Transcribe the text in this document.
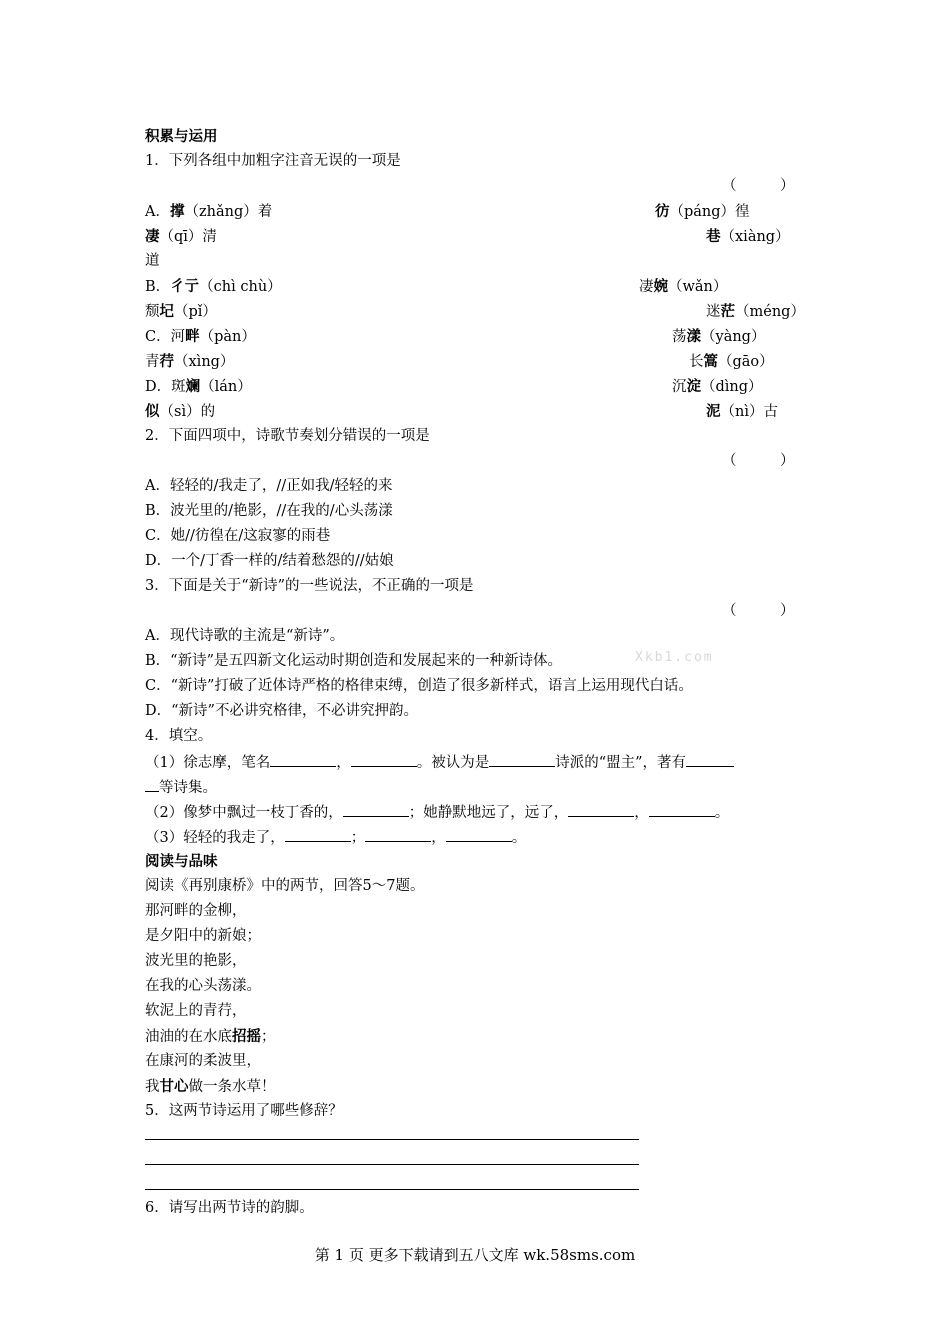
积累与运用
1．下列各组中加粗字注音无误的一项是
（　　　）
A．撑（zhǎng）着	彷（páng）徨
凄（qī）清	巷（xiàng）
道
B．彳亍（chì chù）	凄婉（wǎn）
颓圮（pǐ）	迷茫（méng）
C．河畔（pàn）	荡漾（yàng）
青荇（xìng）	长篙（gāo）
D．斑斓（lán）	沉淀（dìng）
似（sì）的	泥（nì）古
2．下面四项中，诗歌节奏划分错误的一项是
（　　　）
A．轻轻的/我走了，//正如我/轻轻的来
B．波光里的/艳影，//在我的/心头荡漾
C．她//彷徨在/这寂寥的雨巷
D．一个/丁香一样的/结着愁怨的//姑娘
3．下面是关于“新诗”的一些说法，不正确的一项是
（　　　）
A．现代诗歌的主流是“新诗”。
B．“新诗”是五四新文化运动时期创造和发展起来的一种新诗体。	Xkb1.com
C．“新诗”打破了近体诗严格的格律束缚，创造了很多新样式，语言上运用现代白话。
D．“新诗”不必讲究格律，不必讲究押韵。
4．填空。
（1）徐志摩，笔名	，	。被认为是	诗派的“盟主”，著有
等诗集。
（2）像梦中飘过一枝丁香的，	；她静默地远了，远了，	，	。
（3）轻轻的我走了，	；	，	。
阅读与品味
阅读《再别康桥》中的两节，回答5～7题。
那河畔的金柳，
是夕阳中的新娘；
波光里的艳影，
在我的心头荡漾。
软泥上的青荇，
油油的在水底招摇；
在康河的柔波里，
我甘心做一条水草！
5．这两节诗运用了哪些修辞？
6．请写出两节诗的韵脚。
第 1 页 更多下载请到五八文库 wk.58sms.com
